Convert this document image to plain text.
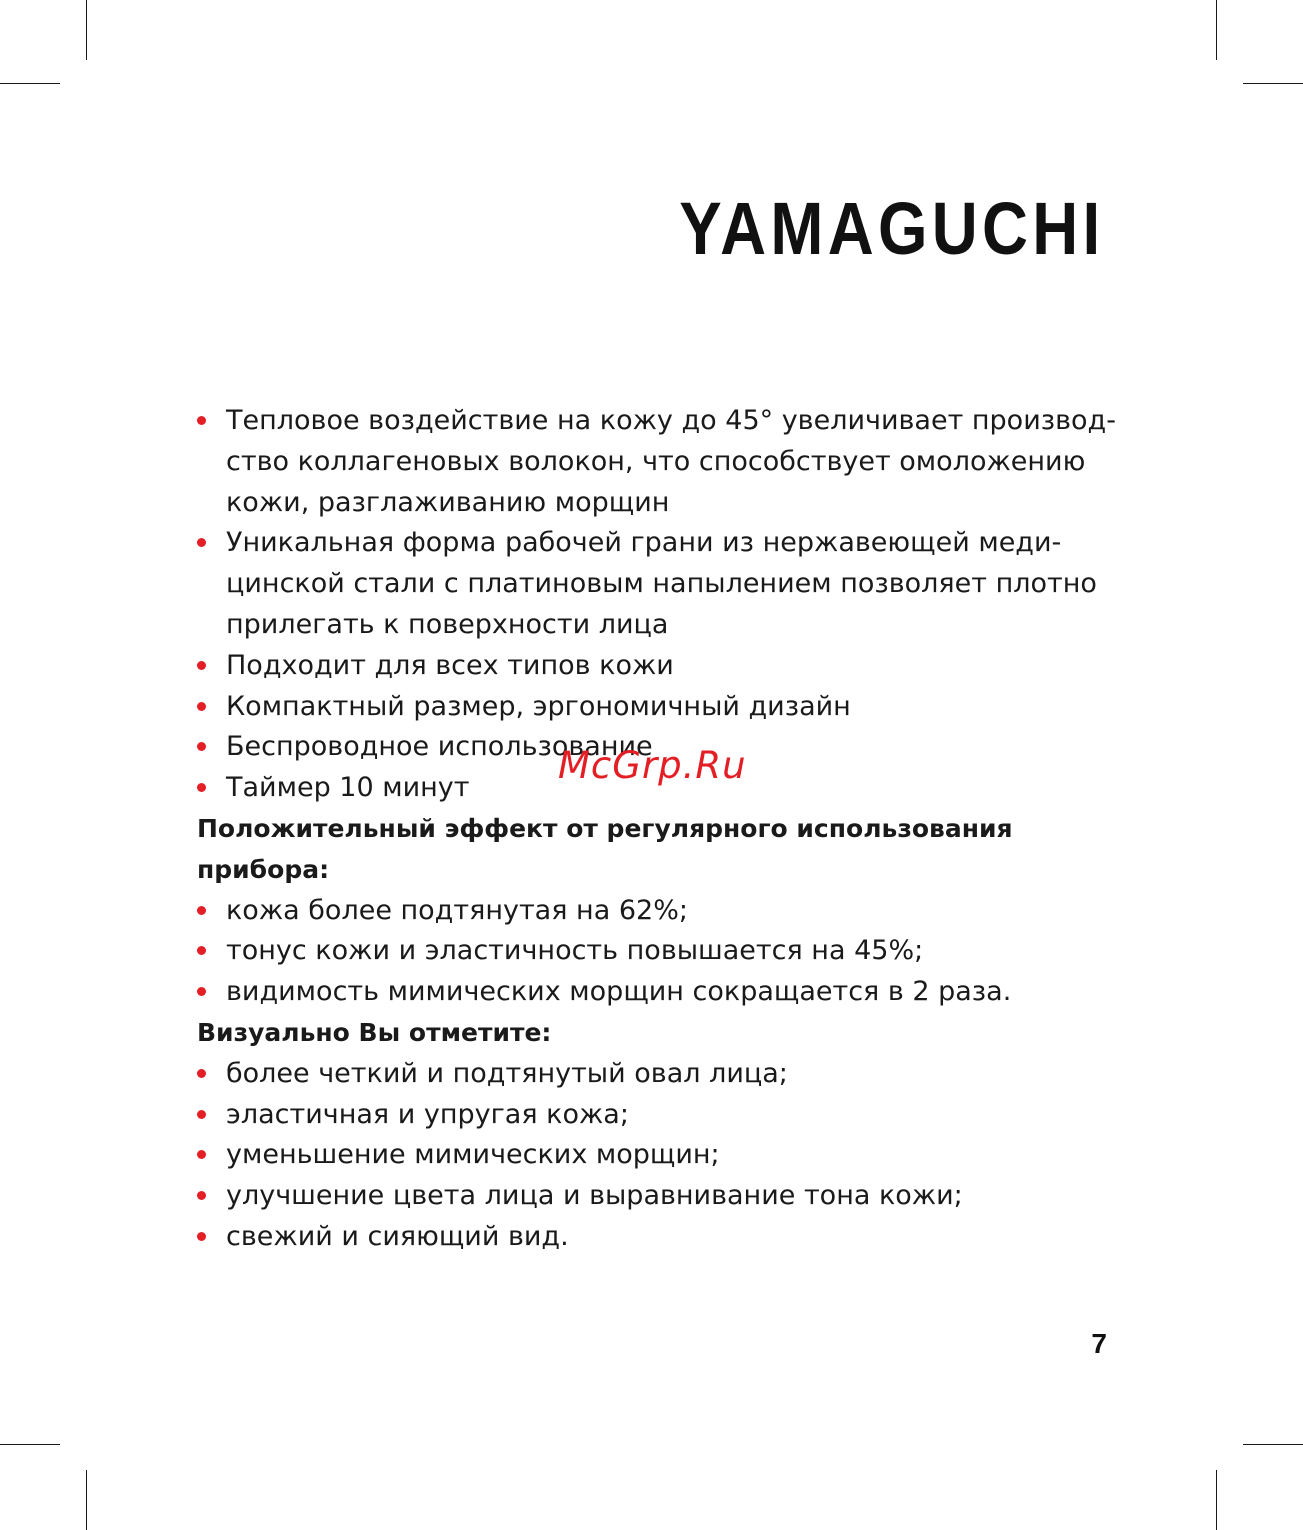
YAMAGUCHI
Тепловое воздействие на кожу до 45° увеличивает производ-ство коллагеновых волокон, что способствует омоложению кожи, разглаживанию морщин
Уникальная форма рабочей грани из нержавеющей меди-цинской стали с платиновым напылением позволяет плотно прилегать к поверхности лица
Подходит для всех типов кожи
Компактный размер, эргономичный дизайн
Беспроводное использование
Таймер 10 минут

Положительный эффект от регулярного использования прибора:

кожа более подтянутая на 62%;
тонус кожи и эластичность повышается на 45%;
видимость мимических морщин сокращается в 2 раза.

Визуально Вы отметите:

более четкий и подтянутый овал лица;
эластичная и упругая кожа;
уменьшение мимических морщин;
улучшение цвета лица и выравнивание тона кожи;
свежий и сияющий вид.
McGrp.Ru
7
